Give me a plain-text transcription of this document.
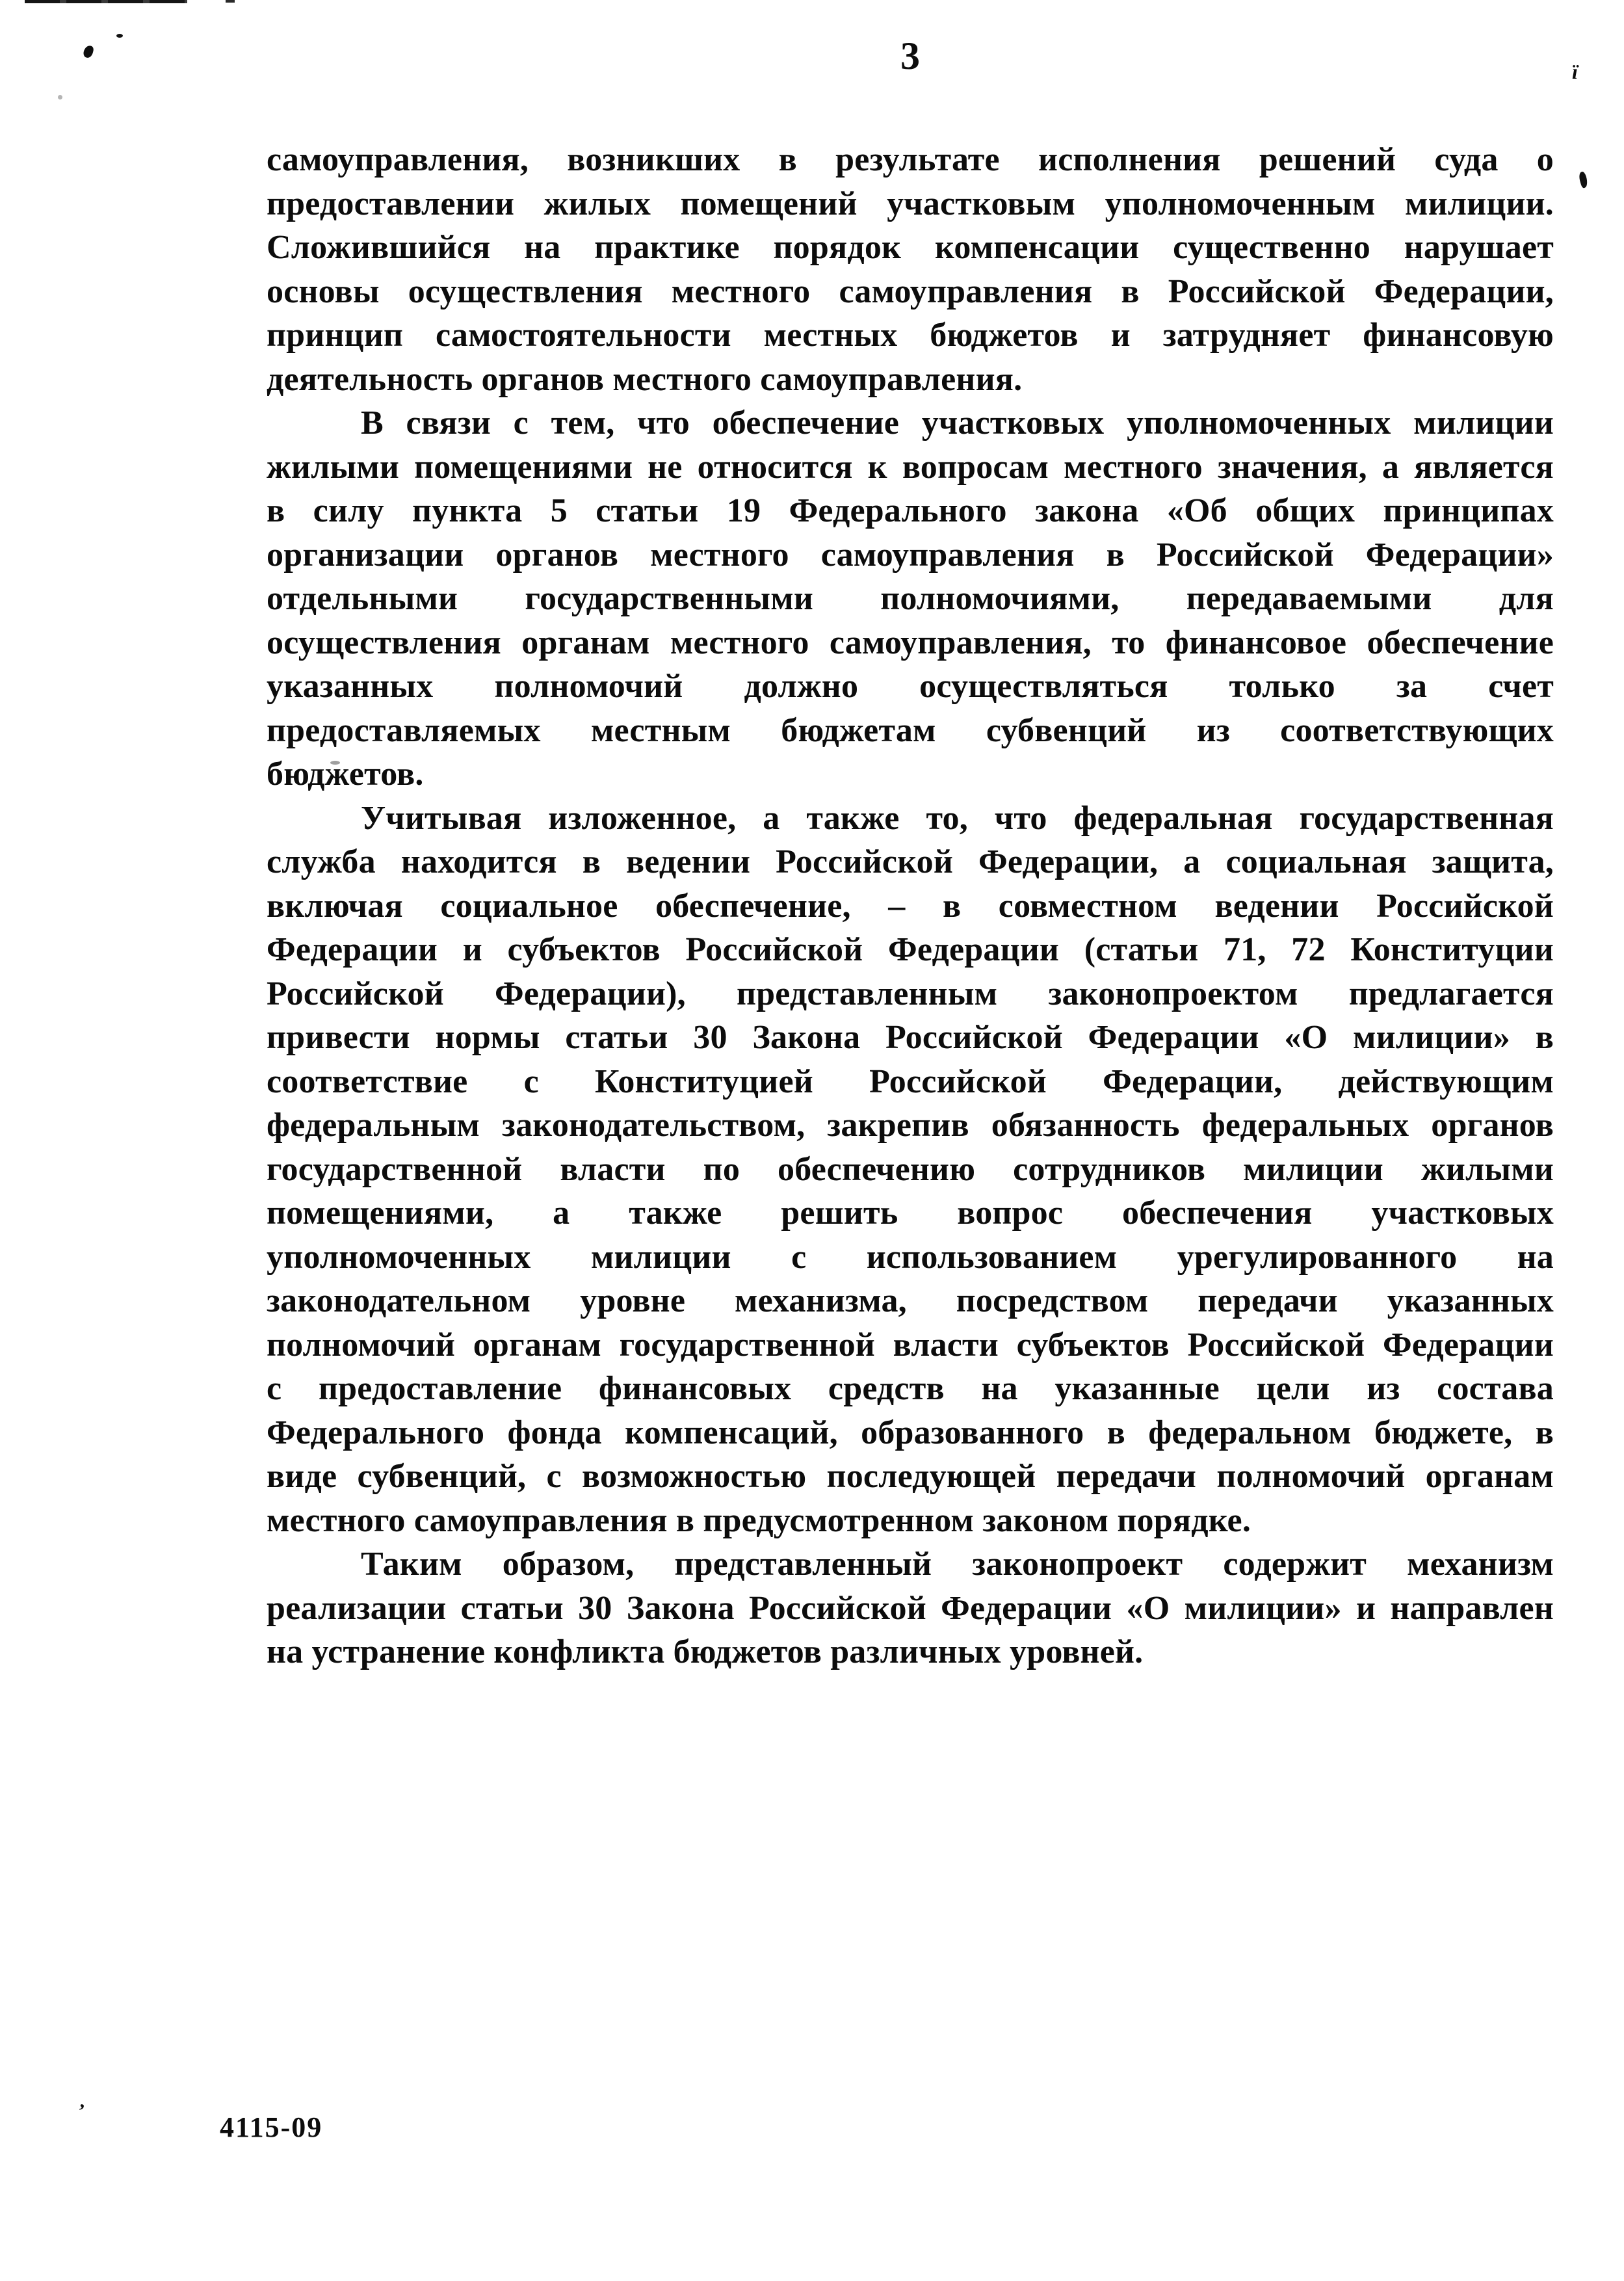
ï
ʼ
3
самоуправления, возникших в результате исполнения решений суда о
предоставлении жилых помещений участковым уполномоченным милиции.
Сложившийся на практике порядок компенсации существенно нарушает
основы осуществления местного самоуправления в Российской Федерации,
принцип самостоятельности местных бюджетов и затрудняет финансовую
деятельность органов местного самоуправления.
В связи с тем, что обеспечение участковых уполномоченных милиции
жилыми помещениями не относится к вопросам местного значения, а является
в силу пункта 5 статьи 19 Федерального закона «Об общих принципах
организации органов местного самоуправления в Российской Федерации»
отдельными государственными полномочиями, передаваемыми для
осуществления органам местного самоуправления, то финансовое обеспечение
указанных полномочий должно осуществляться только за счет
предоставляемых местным бюджетам субвенций из соответствующих
бюджетов.
Учитывая изложенное, а также то, что федеральная государственная
служба находится в ведении Российской Федерации, а социальная защита,
включая социальное обеспечение, – в совместном ведении Российской
Федерации и субъектов Российской Федерации (статьи 71, 72 Конституции
Российской Федерации), представленным законопроектом предлагается
привести нормы статьи 30 Закона Российской Федерации «О милиции» в
соответствие с Конституцией Российской Федерации, действующим
федеральным законодательством, закрепив обязанность федеральных органов
государственной власти по обеспечению сотрудников милиции жилыми
помещениями, а также решить вопрос обеспечения участковых
уполномоченных милиции с использованием урегулированного на
законодательном уровне механизма, посредством передачи указанных
полномочий органам государственной власти субъектов Российской Федерации
с предоставление финансовых средств на указанные цели из состава
Федерального фонда компенсаций, образованного в федеральном бюджете, в
виде субвенций, с возможностью последующей передачи полномочий органам
местного самоуправления в предусмотренном законом порядке.
Таким образом, представленный законопроект содержит механизм
реализации статьи 30 Закона Российской Федерации «О милиции» и направлен
на устранение конфликта бюджетов различных уровней.
4115-09
